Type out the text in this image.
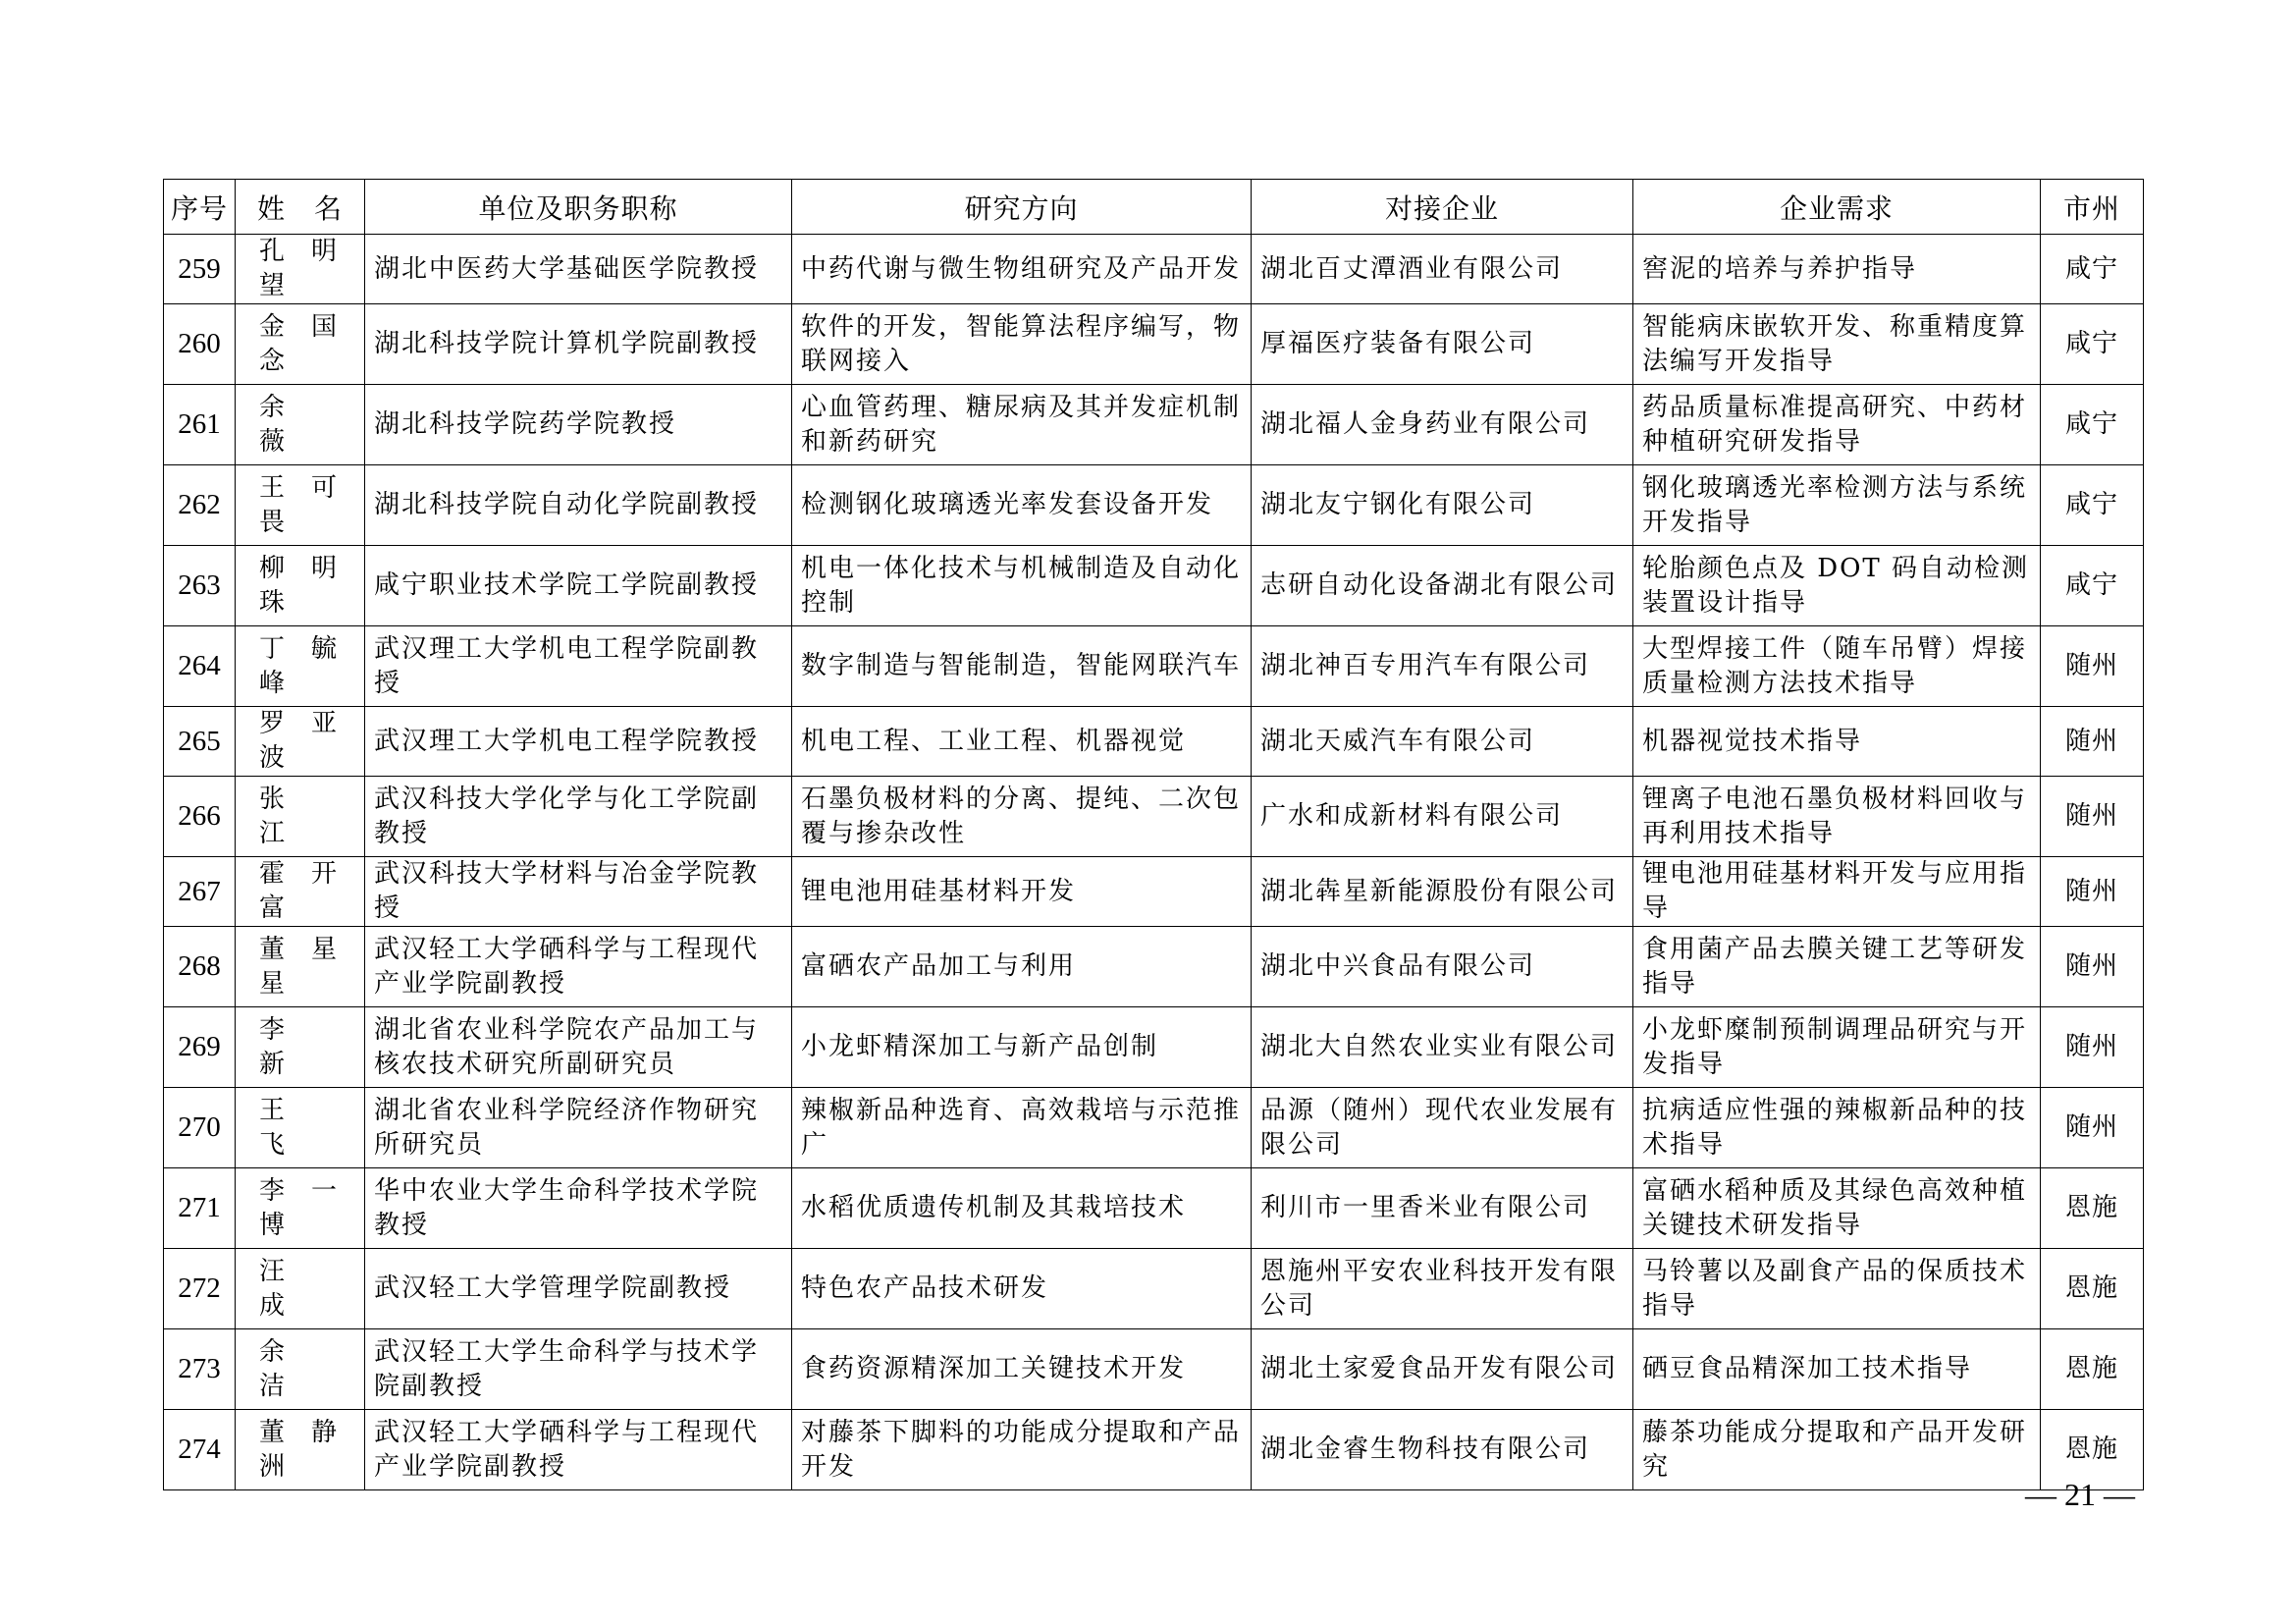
序号	姓　名	单位及职务职称	研究方向	对接企业	企业需求	市州
259	孔明望	湖北中医药大学基础医学院教授	中药代谢与微生物组研究及产品开发	湖北百丈潭酒业有限公司	窖泥的培养与养护指导	咸宁
260	金国念	湖北科技学院计算机学院副教授	软件的开发，智能算法程序编写，物联网接入	厚福医疗装备有限公司	智能病床嵌软开发、称重精度算法编写开发指导	咸宁
261	余　薇	湖北科技学院药学院教授	心血管药理、糖尿病及其并发症机制和新药研究	湖北福人金身药业有限公司	药品质量标准提高研究、中药材种植研究研发指导	咸宁
262	王可畏	湖北科技学院自动化学院副教授	检测钢化玻璃透光率发套设备开发	湖北友宁钢化有限公司	钢化玻璃透光率检测方法与系统开发指导	咸宁
263	柳明珠	咸宁职业技术学院工学院副教授	机电一体化技术与机械制造及自动化控制	志研自动化设备湖北有限公司	轮胎颜色点及 DOT 码自动检测装置设计指导	咸宁
264	丁毓峰	武汉理工大学机电工程学院副教授	数字制造与智能制造，智能网联汽车	湖北神百专用汽车有限公司	大型焊接工件（随车吊臂）焊接质量检测方法技术指导	随州
265	罗亚波	武汉理工大学机电工程学院教授	机电工程、工业工程、机器视觉	湖北天威汽车有限公司	机器视觉技术指导	随州
266	张　江	武汉科技大学化学与化工学院副教授	石墨负极材料的分离、提纯、二次包覆与掺杂改性	广水和成新材料有限公司	锂离子电池石墨负极材料回收与再利用技术指导	随州
267	霍开富	武汉科技大学材料与冶金学院教授	锂电池用硅基材料开发	湖北犇星新能源股份有限公司	锂电池用硅基材料开发与应用指导	随州
268	董星星	武汉轻工大学硒科学与工程现代产业学院副教授	富硒农产品加工与利用	湖北中兴食品有限公司	食用菌产品去膜关键工艺等研发指导	随州
269	李　新	湖北省农业科学院农产品加工与核农技术研究所副研究员	小龙虾精深加工与新产品创制	湖北大自然农业实业有限公司	小龙虾糜制预制调理品研究与开发指导	随州
270	王　飞	湖北省农业科学院经济作物研究所研究员	辣椒新品种选育、高效栽培与示范推广	品源（随州）现代农业发展有限公司	抗病适应性强的辣椒新品种的技术指导	随州
271	李一博	华中农业大学生命科学技术学院教授	水稻优质遗传机制及其栽培技术	利川市一里香米业有限公司	富硒水稻种质及其绿色高效种植关键技术研发指导	恩施
272	汪　成	武汉轻工大学管理学院副教授	特色农产品技术研发	恩施州平安农业科技开发有限公司	马铃薯以及副食产品的保质技术指导	恩施
273	余　洁	武汉轻工大学生命科学与技术学院副教授	食药资源精深加工关键技术开发	湖北土家爱食品开发有限公司	硒豆食品精深加工技术指导	恩施
274	董静洲	武汉轻工大学硒科学与工程现代产业学院副教授	对藤茶下脚料的功能成分提取和产品开发	湖北金睿生物科技有限公司	藤茶功能成分提取和产品开发研究	恩施
— 21 —
